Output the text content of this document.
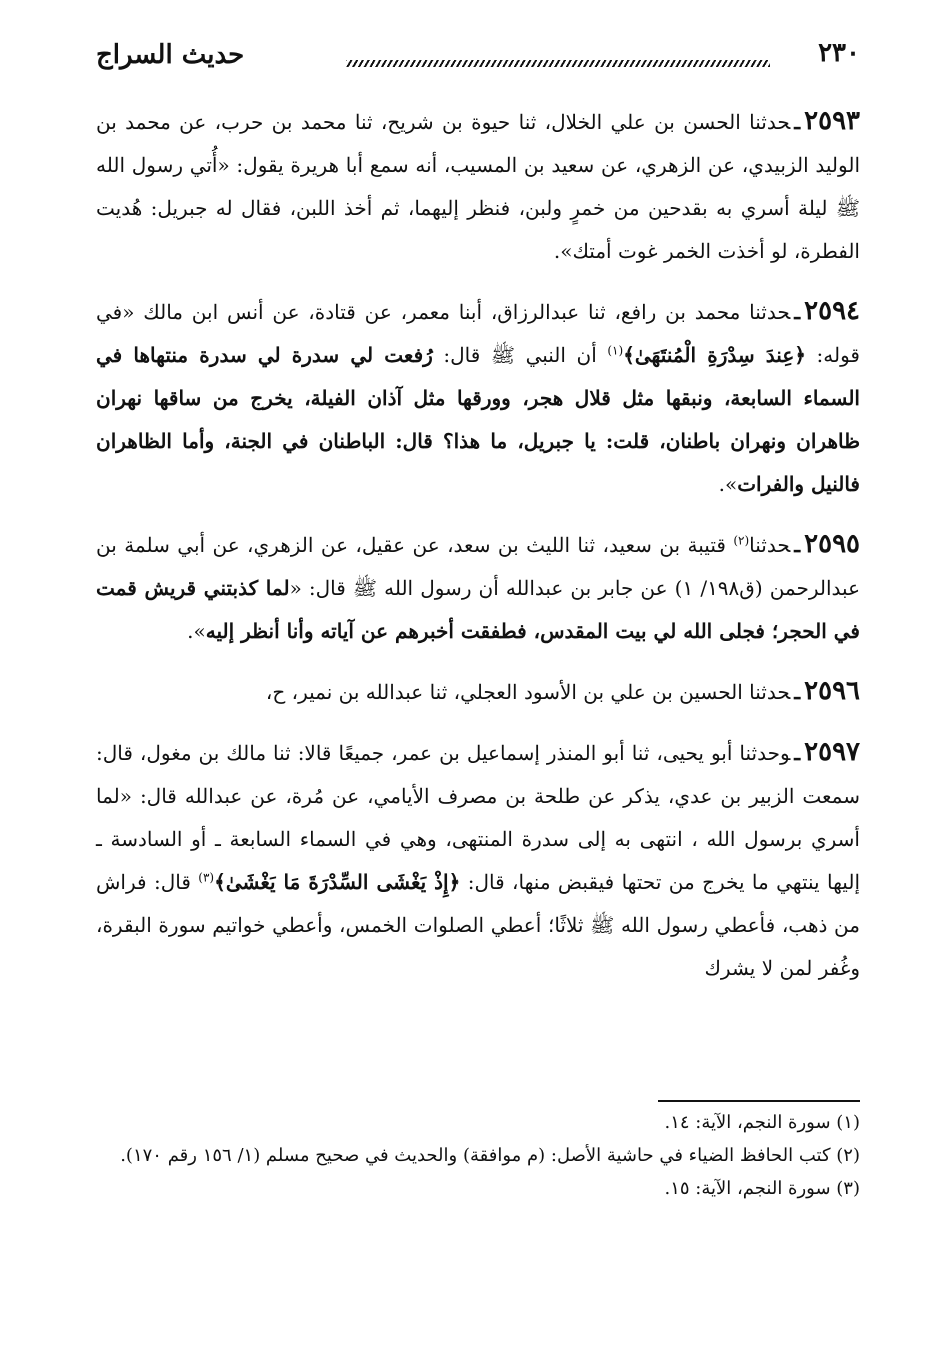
٢٣٠
حديث السراج

٢٥٩٣ـحدثنا الحسن بن علي الخلال، ثنا حيوة بن شريح، ثنا محمد بن حرب، عن محمد بن الوليد الزبيدي، عن الزهري، عن سعيد بن المسيب، أنه سمع أبا هريرة يقول: «أُتي رسول الله ﷺ ليلة أسري به بقدحين من خمرٍ ولبن، فنظر إليهما، ثم أخذ اللبن، فقال له جبريل: هُديت الفطرة، لو أخذت الخمر غوت أمتك».

٢٥٩٤ـحدثنا محمد بن رافع، ثنا عبدالرزاق، أبنا معمر، عن قتادة، عن أنس ابن مالك «في قوله: ﴿عِندَ سِدْرَةِ الْمُنتَهَىٰ﴾$^{(١)}$ أن النبي ﷺ قال: رُفعت لي سدرة لي سدرة منتهاها في السماء السابعة، ونبقها مثل قلال هجر، وورقها مثل آذان الفيلة، يخرج من ساقها نهران ظاهران ونهران باطنان، قلت: يا جبريل، ما هذا؟ قال: الباطنان في الجنة، وأما الظاهران فالنيل والفرات».

٢٥٩٥ـحدثنا$^{(٢)}$ قتيبة بن سعيد، ثنا الليث بن سعد، عن عقيل، عن الزهري، عن أبي سلمة بن عبدالرحمن (ق١٩٨/ ١) عن جابر بن عبدالله أن رسول الله ﷺ قال: «لما كذبتني قريش قمت في الحجر؛ فجلى الله لي بيت المقدس، فطفقت أخبرهم عن آياته وأنا أنظر إليه».

٢٥٩٦ـحدثنا الحسين بن علي بن الأسود العجلي، ثنا عبدالله بن نمير، ح،

٢٥٩٧ـوحدثنا أبو يحيى، ثنا أبو المنذر إسماعيل بن عمر، جميعًا قالا: ثنا مالك بن مغول، قال: سمعت الزبير بن عدي، يذكر عن طلحة بن مصرف الأيامي، عن مُرة، عن عبدالله قال: «لما أسري برسول الله ، انتهى به إلى سدرة المنتهى، وهي في السماء السابعة ـ أو السادسة ـ إليها ينتهي ما يخرج من تحتها فيقبض منها، قال: ﴿إِذْ يَغْشَى السِّدْرَةَ مَا يَغْشَىٰ﴾$^{(٣)}$ قال: فراش من ذهب، فأعطي رسول الله ﷺ ثلاثًا؛ أعطي الصلوات الخمس، وأعطي خواتيم سورة البقرة، وغُفر لمن لا يشرك

(١) سورة النجم، الآية: ١٤.

(٢) كتب الحافظ الضياء في حاشية الأصل: (م موافقة) والحديث في صحيح مسلم (١/ ١٥٦ رقم ١٧٠).

(٣) سورة النجم، الآية: ١٥.
